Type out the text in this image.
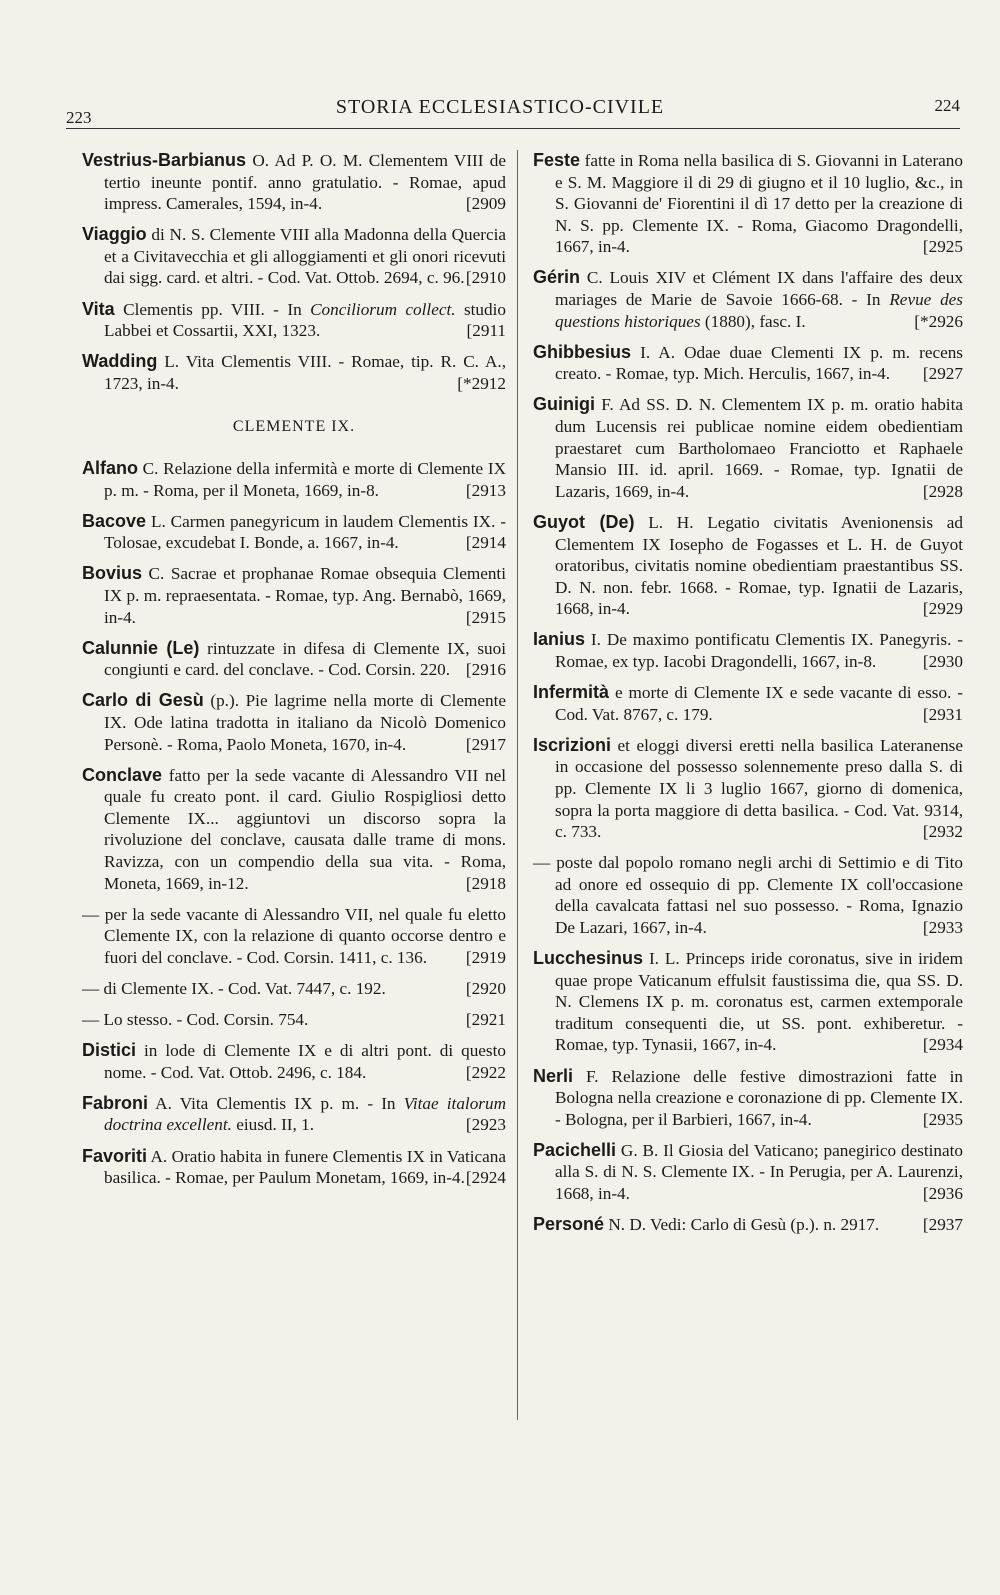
223	STORIA ECCLESIASTICO-CIVILE	224
Vestrius-Barbianus O. Ad P. O. M. Clementem VIII de tertio ineunte pontif. anno gratulatio. - Romae, apud impress. Camerales, 1594, in-4.	[2909
Viaggio di N. S. Clemente VIII alla Madonna della Quercia et a Civitavecchia et gli alloggiamenti et gli onori ricevuti dai sigg. card. et altri. - Cod. Vat. Ottob. 2694, c. 96. [2910
Vita Clementis pp. VIII. - In Conciliorum collect. studio Labbei et Cossartii, XXI, 1323.	[2911
Wadding L. Vita Clementis VIII. - Romae, tip. R. C. A., 1723, in-4.	[*2912
CLEMENTE IX.
Alfano C. Relazione della infermità e morte di Clemente IX p. m. - Roma, per il Moneta, 1669, in-8.	[2913
Bacove L. Carmen panegyricum in laudem Clementis IX. - Tolosae, excudebat I. Bonde, a. 1667, in-4.	[2914
Bovius C. Sacrae et prophanae Romae obsequia Clementi IX p. m. repraesentata. - Romae, typ. Ang. Bernabò, 1669, in-4.	[2915
Calunnie (Le) rintuzzate in difesa di Clemente IX, suoi congiunti e card. del conclave. - Cod. Corsin. 220. [2916
Carlo di Gesù (p.). Pie lagrime nella morte di Clemente IX. Ode latina tradotta in italiano da Nicolò Domenico Personè. - Roma, Paolo Moneta, 1670, in-4.	[2917
Conclave fatto per la sede vacante di Alessandro VII nel quale fu creato pont. il card. Giulio Rospigliosi detto Clemente IX... aggiuntovi un discorso sopra la rivoluzione del conclave, causata dalle trame di mons. Ravizza, con un compendio della sua vita. - Roma, Moneta, 1669, in-12.	[2918
— per la sede vacante di Alessandro VII, nel quale fu eletto Clemente IX, con la relazione di quanto occorse dentro e fuori del conclave. - Cod. Corsin. 1411, c. 136.	[2919
— di Clemente IX. - Cod. Vat. 7447, c. 192.	[2920
— Lo stesso. - Cod. Corsin. 754.	[2921
Distici in lode di Clemente IX e di altri pont. di questo nome. - Cod. Vat. Ottob. 2496, c. 184.	[2922
Fabroni A. Vita Clementis IX p. m. - In Vitae italorum doctrina excellent. eiusd. II, 1.	[2923
Favoriti A. Oratio habita in funere Clementis IX in Vaticana basilica. - Romae, per Paulum Monetam, 1669, in-4. [2924
Feste fatte in Roma nella basilica di S. Giovanni in Laterano e S. M. Maggiore il di 29 di giugno et il 10 luglio, &c., in S. Giovanni de' Fiorentini il dì 17 detto per la creazione di N. S. pp. Clemente IX. - Roma, Giacomo Dragondelli, 1667, in-4.	[2925
Gérin C. Louis XIV et Clément IX dans l'affaire des deux mariages de Marie de Savoie 1666-68. - In Revue des questions historiques (1880), fasc. I.	[*2926
Ghibbesius I. A. Odae duae Clementi IX p. m. recens creato. - Romae, typ. Mich. Herculis, 1667, in-4.	[2927
Guinigi F. Ad SS. D. N. Clementem IX p. m. oratio habita dum Lucensis rei publicae nomine eidem obedientiam praestaret cum Bartholomaeo Franciotto et Raphaele Mansio III. id. april. 1669. - Romae, typ. Ignatii de Lazaris, 1669, in-4.	[2928
Guyot (De) L. H. Legatio civitatis Avenionensis ad Clementem IX Iosepho de Fogasses et L. H. de Guyot oratoribus, civitatis nomine obedientiam praestantibus SS. D. N. non. febr. 1668. - Romae, typ. Ignatii de Lazaris, 1668, in-4.	[2929
Ianius I. De maximo pontificatu Clementis IX. Panegyris. - Romae, ex typ. Iacobi Dragondelli, 1667, in-8.	[2930
Infermità e morte di Clemente IX e sede vacante di esso. - Cod. Vat. 8767, c. 179.	[2931
Iscrizioni et eloggi diversi eretti nella basilica Lateranense in occasione del possesso solennemente preso dalla S. di pp. Clemente IX li 3 luglio 1667, giorno di domenica, sopra la porta maggiore di detta basilica. - Cod. Vat. 9314, c. 733.	[2932
— poste dal popolo romano negli archi di Settimio e di Tito ad onore ed ossequio di pp. Clemente IX coll'occasione della cavalcata fattasi nel suo possesso. - Roma, Ignazio De Lazari, 1667, in-4.	[2933
Lucchesinus I. L. Princeps iride coronatus, sive in iridem quae prope Vaticanum effulsit faustissima die, qua SS. D. N. Clemens IX p. m. coronatus est, carmen extemporale traditum consequenti die, ut SS. pont. exhiberetur. - Romae, typ. Tynasii, 1667, in-4.	[2934
Nerli F. Relazione delle festive dimostrazioni fatte in Bologna nella creazione e coronazione di pp. Clemente IX. - Bologna, per il Barbieri, 1667, in-4.	[2935
Pacichelli G. B. Il Giosia del Vaticano; panegirico destinato alla S. di N. S. Clemente IX. - In Perugia, per A. Laurenzi, 1668, in-4.	[2936
Personé N. D. Vedi: Carlo di Gesù (p.). n. 2917.	[2937
